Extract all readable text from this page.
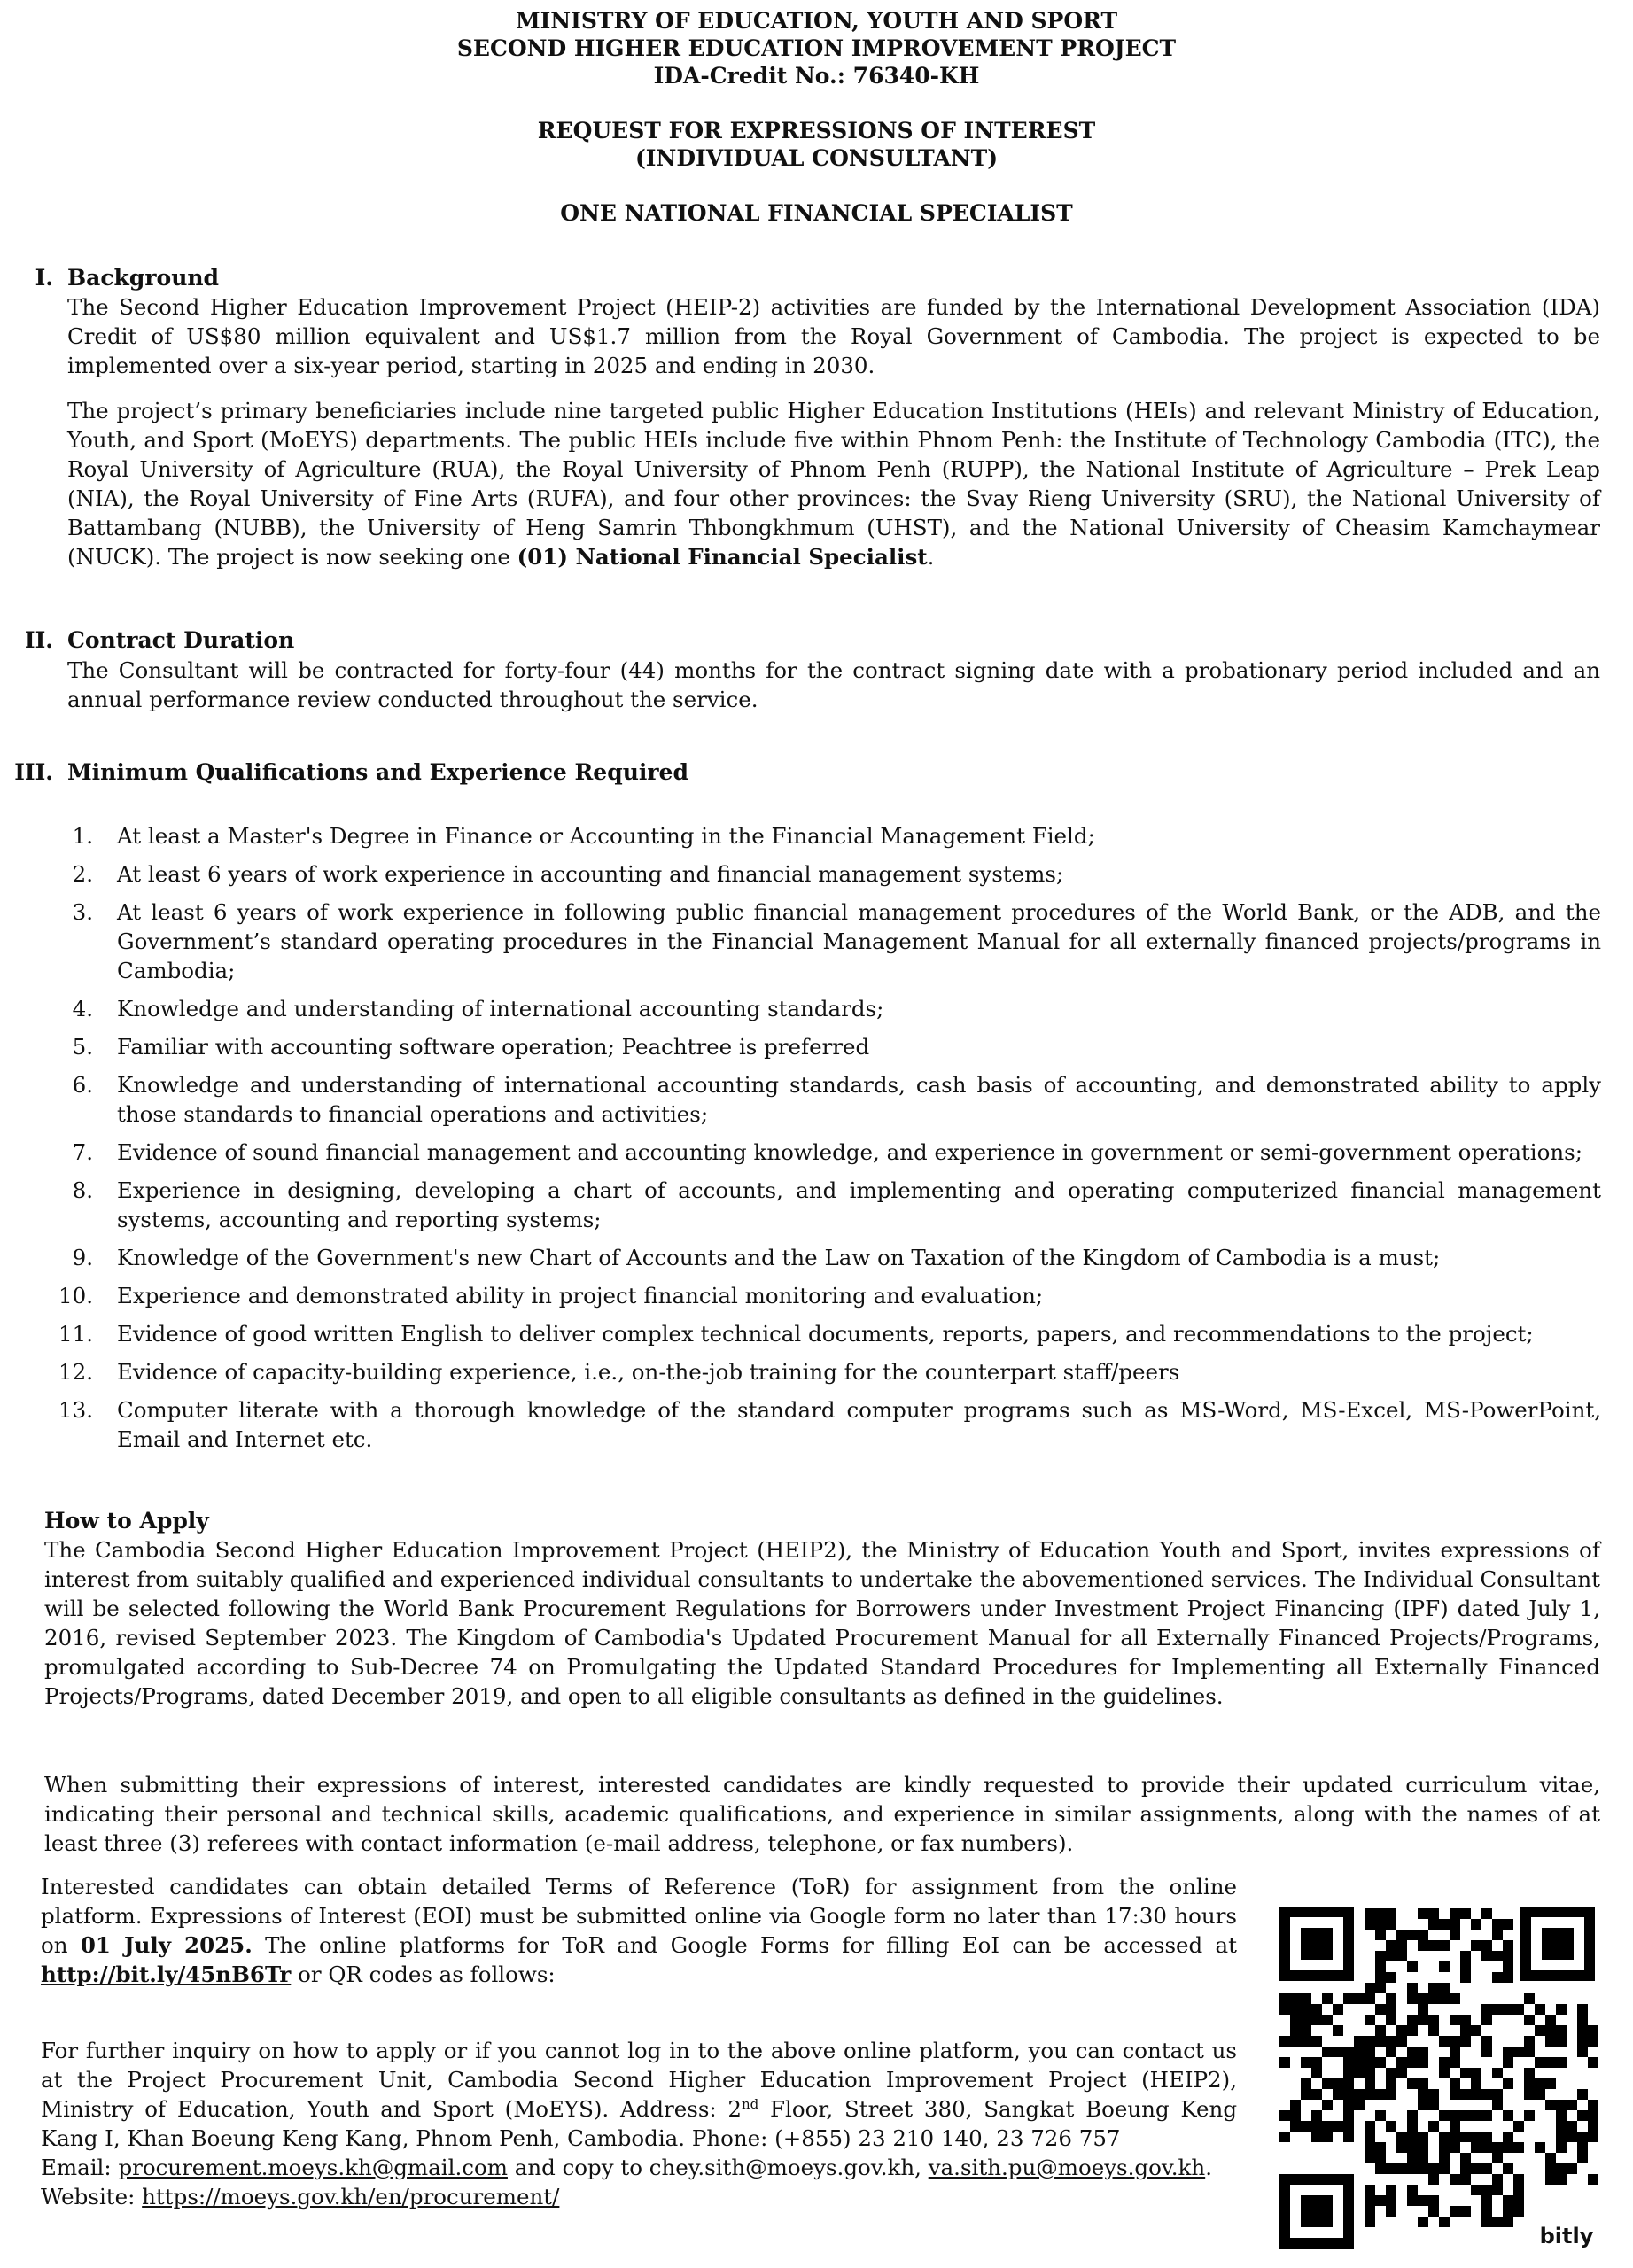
MINISTRY OF EDUCATION, YOUTH AND SPORT
SECOND HIGHER EDUCATION IMPROVEMENT PROJECT
IDA-Credit No.: 76340-KH
REQUEST FOR EXPRESSIONS OF INTEREST
(INDIVIDUAL CONSULTANT)
ONE NATIONAL FINANCIAL SPECIALIST
I. Background
The Second Higher Education Improvement Project (HEIP-2) activities are funded by the International Development Association (IDA) Credit of US$80 million equivalent and US$1.7 million from the Royal Government of Cambodia. The project is expected to be implemented over a six-year period, starting in 2025 and ending in 2030.
The project’s primary beneficiaries include nine targeted public Higher Education Institutions (HEIs) and relevant Ministry of Education, Youth, and Sport (MoEYS) departments. The public HEIs include five within Phnom Penh: the Institute of Technology Cambodia (ITC), the Royal University of Agriculture (RUA), the Royal University of Phnom Penh (RUPP), the National Institute of Agriculture – Prek Leap (NIA), the Royal University of Fine Arts (RUFA), and four other provinces: the Svay Rieng University (SRU), the National University of Battambang (NUBB), the University of Heng Samrin Thbongkhmum (UHST), and the National University of Cheasim Kamchaymear (NUCK). The project is now seeking one (01) National Financial Specialist.
II. Contract Duration
The Consultant will be contracted for forty-four (44) months for the contract signing date with a probationary period included and an annual performance review conducted throughout the service.
III. Minimum Qualifications and Experience Required
1. At least a Master's Degree in Finance or Accounting in the Financial Management Field;
2. At least 6 years of work experience in accounting and financial management systems;
3. At least 6 years of work experience in following public financial management procedures of the World Bank, or the ADB, and the Government’s standard operating procedures in the Financial Management Manual for all externally financed projects/programs in Cambodia;
4. Knowledge and understanding of international accounting standards;
5. Familiar with accounting software operation; Peachtree is preferred
6. Knowledge and understanding of international accounting standards, cash basis of accounting, and demonstrated ability to apply those standards to financial operations and activities;
7. Evidence of sound financial management and accounting knowledge, and experience in government or semi-government operations;
8. Experience in designing, developing a chart of accounts, and implementing and operating computerized financial management systems, accounting and reporting systems;
9. Knowledge of the Government's new Chart of Accounts and the Law on Taxation of the Kingdom of Cambodia is a must;
10. Experience and demonstrated ability in project financial monitoring and evaluation;
11. Evidence of good written English to deliver complex technical documents, reports, papers, and recommendations to the project;
12. Evidence of capacity-building experience, i.e., on-the-job training for the counterpart staff/peers
13. Computer literate with a thorough knowledge of the standard computer programs such as MS-Word, MS-Excel, MS-PowerPoint, Email and Internet etc.
How to Apply
The Cambodia Second Higher Education Improvement Project (HEIP2), the Ministry of Education Youth and Sport, invites expressions of interest from suitably qualified and experienced individual consultants to undertake the abovementioned services. The Individual Consultant will be selected following the World Bank Procurement Regulations for Borrowers under Investment Project Financing (IPF) dated July 1, 2016, revised September 2023. The Kingdom of Cambodia's Updated Procurement Manual for all Externally Financed Projects/Programs, promulgated according to Sub-Decree 74 on Promulgating the Updated Standard Procedures for Implementing all Externally Financed Projects/Programs, dated December 2019, and open to all eligible consultants as defined in the guidelines.
When submitting their expressions of interest, interested candidates are kindly requested to provide their updated curriculum vitae, indicating their personal and technical skills, academic qualifications, and experience in similar assignments, along with the names of at least three (3) referees with contact information (e-mail address, telephone, or fax numbers).
Interested candidates can obtain detailed Terms of Reference (ToR) for assignment from the online platform. Expressions of Interest (EOI) must be submitted online via Google form no later than 17:30 hours on 01 July 2025. The online platforms for ToR and Google Forms for filling EoI can be accessed at http://bit.ly/45nB6Tr or QR codes as follows:
For further inquiry on how to apply or if you cannot log in to the above online platform, you can contact us at the Project Procurement Unit, Cambodia Second Higher Education Improvement Project (HEIP2), Ministry of Education, Youth and Sport (MoEYS). Address: 2nd Floor, Street 380, Sangkat Boeung Keng Kang I, Khan Boeung Keng Kang, Phnom Penh, Cambodia. Phone: (+855) 23 210 140, 23 726 757
Email: procurement.moeys.kh@gmail.com and copy to chey.sith@moeys.gov.kh, va.sith.pu@moeys.gov.kh.
Website: https://moeys.gov.kh/en/procurement/
bitly
